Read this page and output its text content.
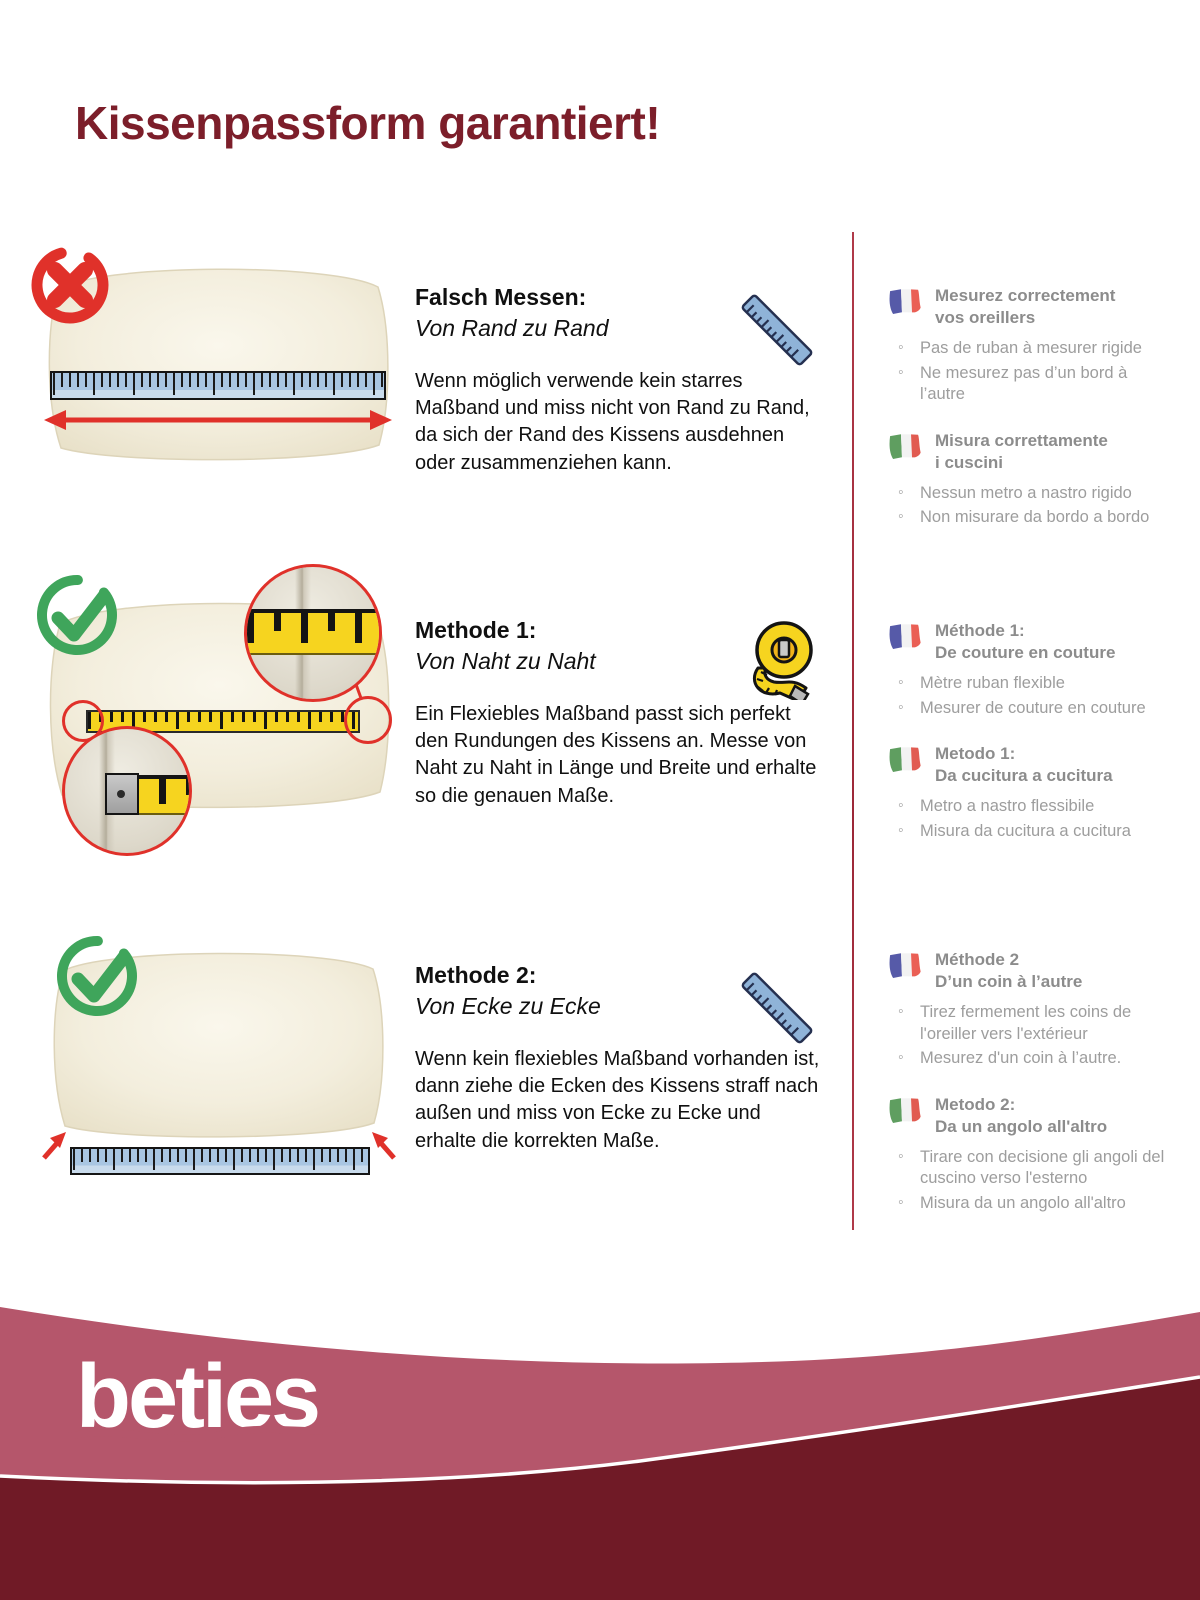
Kissenpassform garantiert!
Falsch Messen:
Von Rand zu Rand
Wenn möglich verwende kein starres Maßband und miss nicht von Rand zu Rand, da sich der Rand des Kissens ausdehnen oder zusammenziehen kann.
Mesurez correctement
vos oreillers
◦ Pas de ruban à mesurer rigide
◦ Ne mesurez pas d’un bord à l’autre
Misura correttamente
i cuscini
◦ Nessun metro a nastro rigido
◦ Non misurare da bordo a bordo
Methode 1:
Von Naht zu Naht
Ein Flexiebles Maßband passt sich perfekt den Rundungen des Kissens an. Messe von Naht zu Naht in Länge und Breite und erhalte so die genauen Maße.
Méthode 1:
De couture en couture
◦ Mètre ruban flexible
◦ Mesurer de couture en couture
Metodo 1:
Da cucitura a cucitura
◦ Metro a nastro flessibile
◦ Misura da cucitura a cucitura
Methode 2:
Von Ecke zu Ecke
Wenn kein flexiebles Maßband vorhanden ist, dann ziehe die Ecken des Kissens straff nach außen und miss von Ecke zu Ecke und erhalte die korrekten Maße.
Méthode 2
D’un coin à l’autre
◦ Tirez fermement les coins de l'oreiller vers l'extérieur
◦ Mesurez d'un coin à l’autre.
Metodo 2:
Da un angolo all'altro
◦ Tirare con decisione gli angoli del cuscino verso l'esterno
◦ Misura da un angolo all'altro
beties
